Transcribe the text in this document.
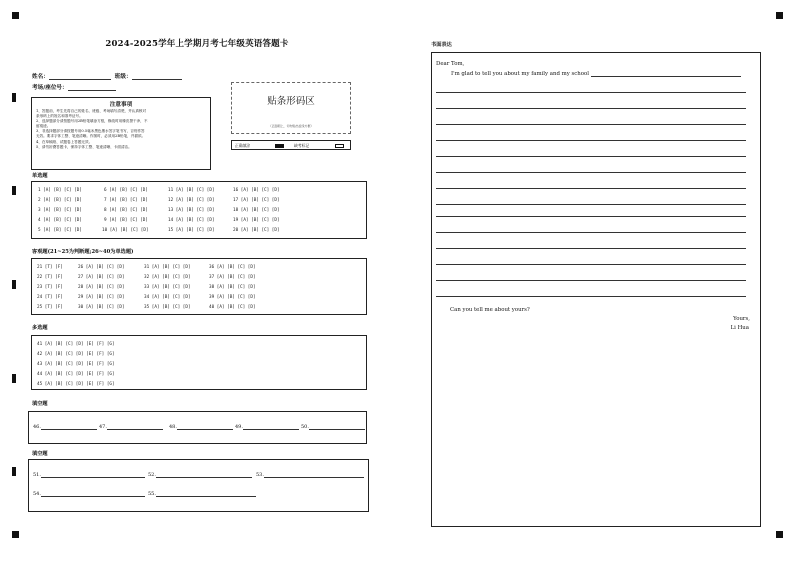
2024-2025学年上学期月考七年级英语答题卡
姓名：	班级：
考场/座位号：
注意事项
1、答题前，考生先将自己的姓名、班级、考场填写清楚，并认真核对
条形码上的姓名和准考证号。
2、选择题部分请按题号用2B铅笔填涂方框，修改时用橡皮擦干净，不
留痕迹。
3、非选择题部分请按题号用0.5毫米黑色墨水签字笔书写，否则作答
无效。要求字体工整、笔迹清晰。作图时，必须用2B铅笔，并描浓。
4、在草稿纸、试题卷上答题无效。
5、请勿折叠答题卡，保持字体工整、笔迹清晰、卡面清洁。
贴条形码区
（正面朝上，切勿贴出虚线方框）
正确填涂	缺考标记
单选题
1 [A] [B] [C] [D]
2 [A] [B] [C] [D]
3 [A] [B] [C] [D]
4 [A] [B] [C] [D]
5 [A] [B] [C] [D]
6 [A] [B] [C] [D]
7 [A] [B] [C] [D]
8 [A] [B] [C] [D]
9 [A] [B] [C] [D]
10 [A] [B] [C] [D]
11 [A] [B] [C] [D]
12 [A] [B] [C] [D]
13 [A] [B] [C] [D]
14 [A] [B] [C] [D]
15 [A] [B] [C] [D]
16 [A] [B] [C] [D]
17 [A] [B] [C] [D]
18 [A] [B] [C] [D]
19 [A] [B] [C] [D]
20 [A] [B] [C] [D]
客观题(21~25为判断题;26~40为单选题)
21 [T] [F]
22 [T] [F]
23 [T] [F]
24 [T] [F]
25 [T] [F]
26 [A] [B] [C] [D]
27 [A] [B] [C] [D]
28 [A] [B] [C] [D]
29 [A] [B] [C] [D]
30 [A] [B] [C] [D]
31 [A] [B] [C] [D]
32 [A] [B] [C] [D]
33 [A] [B] [C] [D]
34 [A] [B] [C] [D]
35 [A] [B] [C] [D]
36 [A] [B] [C] [D]
37 [A] [B] [C] [D]
38 [A] [B] [C] [D]
39 [A] [B] [C] [D]
40 [A] [B] [C] [D]
多选题
41 [A] [B] [C] [D] [E] [F] [G]
42 [A] [B] [C] [D] [E] [F] [G]
43 [A] [B] [C] [D] [E] [F] [G]
44 [A] [B] [C] [D] [E] [F] [G]
45 [A] [B] [C] [D] [E] [F] [G]
填空题
46.	47.	48.	49.	50.
填空题
51.	52.	53.
54.	55.
书面表达
Dear Tom,
I'm glad to tell you about my family and my school
Can you tell me about yours?
Yours,
Li Hua
